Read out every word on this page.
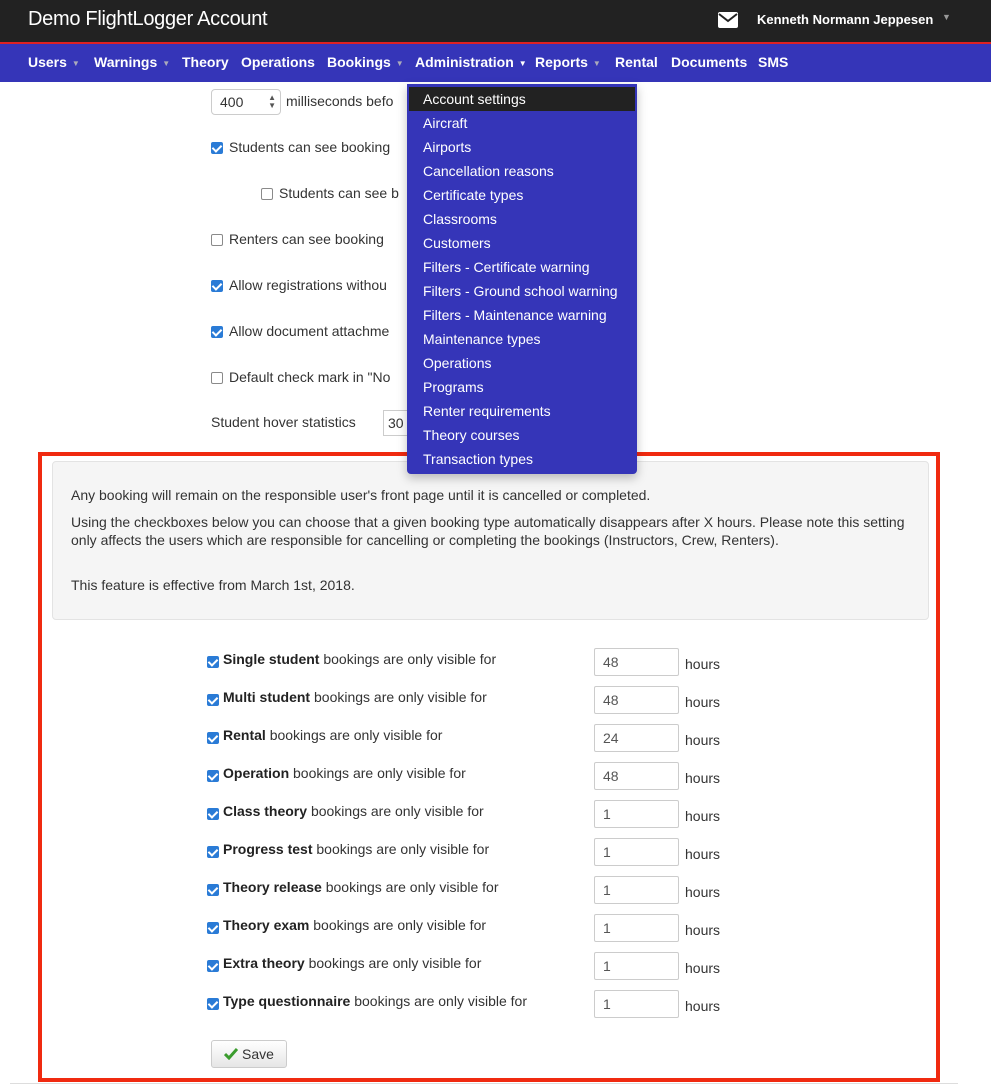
Demo FlightLogger Account	Kenneth Normann Jeppesen ▼
Users ▼ Warnings ▼ Theory Operations Bookings ▼ Administration ▼ Reports ▼ Rental Documents SMS
400	▲
▼ milliseconds befo
Students can see booking
Students can see b
Renters can see booking
Allow registrations withou
Allow document attachme
Default check mark in "No
Student hover statistics	30

Any booking will remain on the responsible user's front page until it is cancelled or completed.

Using the checkboxes below you can choose that a given booking type automatically disappears after X hours. Please note this setting only affects the users which are responsible for cancelling or completing the bookings (Instructors, Crew, Renters).

This feature is effective from March 1st, 2018.

Single student bookings are only visible for	48	hours
Multi student bookings are only visible for	48	hours
Rental bookings are only visible for	24	hours
Operation bookings are only visible for	48	hours
Class theory bookings are only visible for	1	hours
Progress test bookings are only visible for	1	hours
Theory release bookings are only visible for	1	hours
Theory exam bookings are only visible for	1	hours
Extra theory bookings are only visible for	1	hours
Type questionnaire bookings are only visible for	1	hours
Save
Account settings
Aircraft
Airports
Cancellation reasons
Certificate types
Classrooms
Customers
Filters - Certificate warning
Filters - Ground school warning
Filters - Maintenance warning
Maintenance types
Operations
Programs
Renter requirements
Theory courses
Transaction types
